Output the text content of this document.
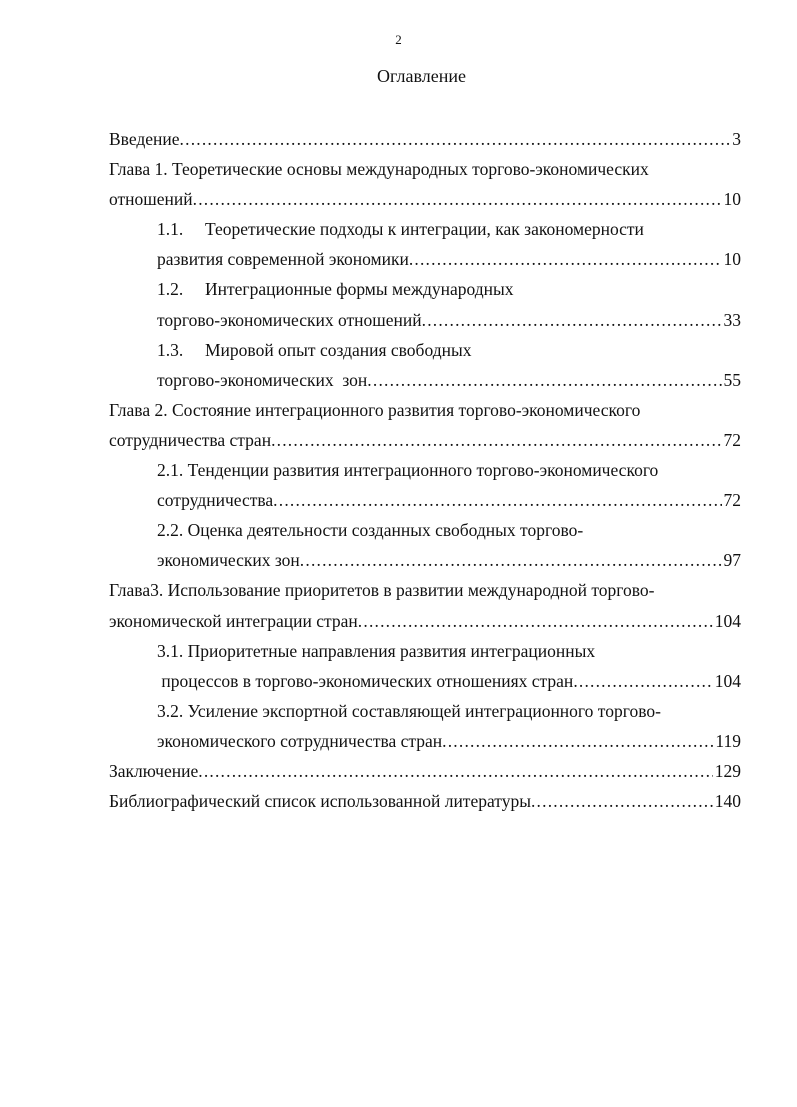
2
Оглавление
Введение .....	3
Глава 1. Теоретические основы международных торгово-экономических
отношений .....	10
1.1.	Теоретические подходы к интеграции, как закономерности
развития современной экономики .....	10
1.2.	Интеграционные формы международных
торгово-экономических отношений .....	33
1.3.	Мировой опыт создания свободных
торгово-экономических  зон .....	55
Глава 2. Состояние интеграционного развития торгово-экономического
сотрудничества стран .....	72
2.1. Тенденции развития интеграционного торгово-экономического
сотрудничества .....	72
2.2. Оценка деятельности созданных свободных торгово-
экономических зон .....	97
Глава3. Использование приоритетов в развитии международной торгово-
экономической интеграции стран .....	104
3.1. Приоритетные направления развития интеграционных
процессов в торгово-экономических отношениях стран .....	104
3.2. Усиление экспортной составляющей интеграционного торгово-
экономического сотрудничества стран .....	119
Заключение .....	129
Библиографический список использованной литературы .....	140
